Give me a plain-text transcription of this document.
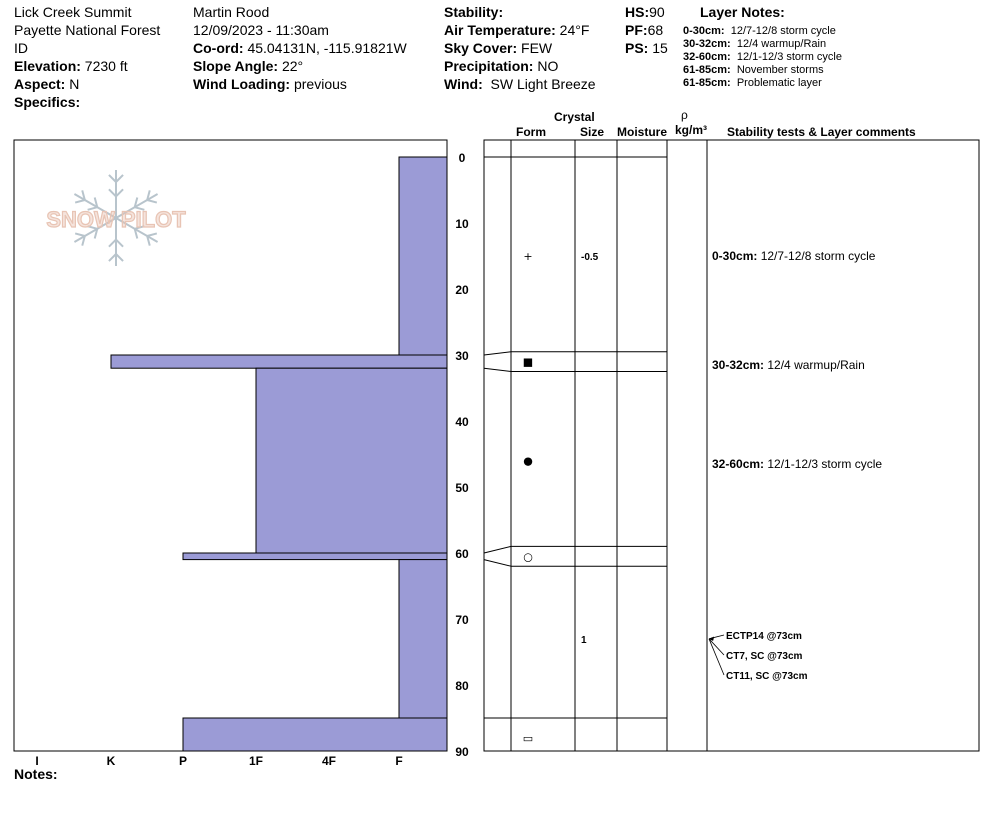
Lick Creek Summit
Payette National Forest
ID
Elevation: 7230 ft
Aspect: N
Specifics:
Martin Rood
12/09/2023 - 11:30am
Co-ord: 45.04131N, -115.91821W
Slope Angle: 22°
Wind Loading: previous
Stability:
Air Temperature: 24°F
Sky Cover: FEW
Precipitation: NO
Wind: SW Light Breeze
HS:90
PF:68
PS: 15
Layer Notes:
0-30cm: 12/7-12/8 storm cycle
30-32cm: 12/4 warmup/Rain
32-60cm: 12/1-12/3 storm cycle
61-85cm: November storms
61-85cm: Problematic layer
Crystal
Form	Size Moisture
ρ
kg/m³ Stability tests & Layer comments
SNOW PILOT
0
10
20
30
40
50
60
70
80
90
I	K	P	1F	4F	F
+	-0.5
■
●
○
1
▭
0-30cm: 12/7-12/8 storm cycle
30-32cm: 12/4 warmup/Rain
32-60cm: 12/1-12/3 storm cycle
ECTP14 @73cm
CT7, SC @73cm
CT11, SC @73cm
Notes:
